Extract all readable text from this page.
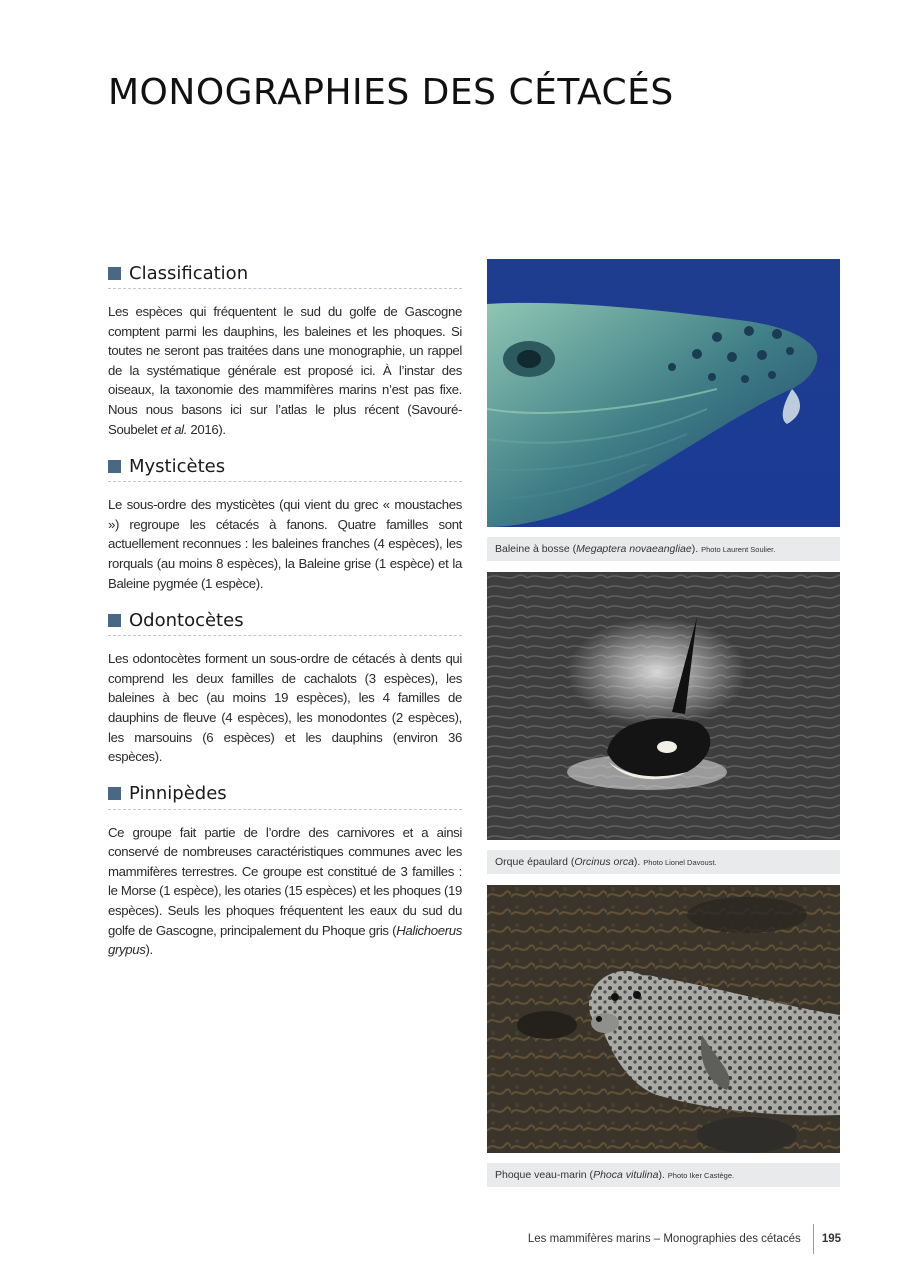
MONOGRAPHIES DES CÉTACÉS
Classification

Les espèces qui fréquentent le sud du golfe de Gascogne comptent parmi les dauphins, les baleines et les phoques. Si toutes ne seront pas traitées dans une monographie, un rappel de la systématique générale est proposé ici. À l’instar des oiseaux, la taxonomie des mammifères marins n’est pas fixe. Nous nous basons ici sur l’atlas le plus récent (Savouré-Soubelet et al. 2016).

Mysticètes

Le sous-ordre des mysticètes (qui vient du grec « moustaches ») regroupe les cétacés à fanons. Quatre familles sont actuellement reconnues : les baleines franches (4 espèces), les rorquals (au moins 8 espèces), la Baleine grise (1 espèce) et la Baleine pygmée (1 espèce).

Odontocètes

Les odontocètes forment un sous-ordre de cétacés à dents qui comprend les deux familles de cachalots (3 espèces), les baleines à bec (au moins 19 espèces), les 4 familles de dauphins de fleuve (4 espèces), les monodontes (2 espèces), les marsouins (6 espèces) et les dauphins (environ 36 espèces).

Pinnipèdes

Ce groupe fait partie de l’ordre des carnivores et a ainsi conservé de nombreuses caractéristiques communes avec les mammifères terrestres. Ce groupe est constitué de 3 familles : le Morse (1 espèce), les otaries (15 espèces) et les phoques (19 espèces). Seuls les phoques fréquentent les eaux du sud du golfe de Gascogne, principalement du Phoque gris (Halichoerus grypus).

Baleine à bosse (Megaptera novaeangliae). Photo Laurent Soulier.
Orque épaulard (Orcinus orca). Photo Lionel Davoust.
Phoque veau-marin (Phoca vitulina). Photo Iker Castège.
Les mammifères marins – Monographies des cétacés 195
